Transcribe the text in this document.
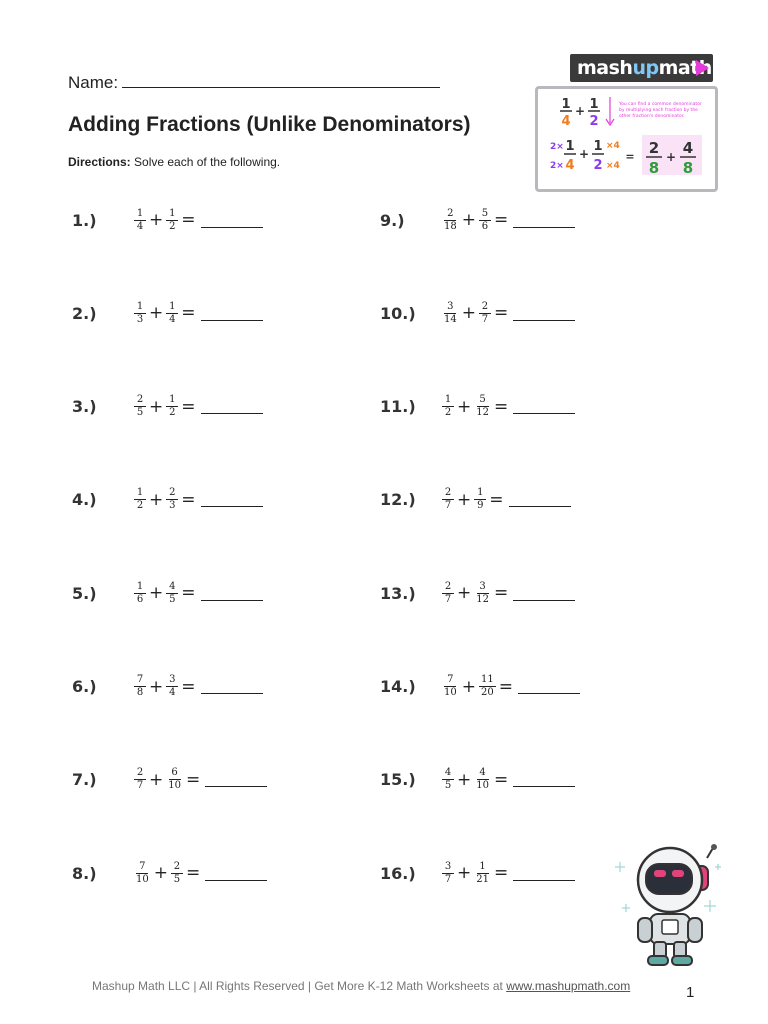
Name:
Adding Fractions (Unlike Denominators)
Directions: Solve each of the following.
mashupmath
1
4
+ 1
2
You can find a common denominator by multiplying each fraction by the other fraction's denominator.
2× 1
2× 4
+ 1 ×4
2 ×4
= 2
8
+ 4
8
1.)	$\frac{1}{4} + \frac{1}{2}$ =
2.)	$\frac{1}{3} + \frac{1}{4}$ =
3.)	$\frac{2}{5} + \frac{1}{2}$ =
4.)	$\frac{1}{2} + \frac{2}{3}$ =
5.)	$\frac{1}{6} + \frac{4}{5}$ =
6.)	$\frac{7}{8} + \frac{3}{4}$ =
7.)	$\frac{2}{7} + \frac{6}{10}$ =
8.)	$\frac{7}{10} + \frac{2}{5}$ =
9.)	$\frac{2}{18} + \frac{5}{6}$ =
10.)	$\frac{3}{14} + \frac{2}{7}$ =
11.)	$\frac{1}{2} + \frac{5}{12}$ =
12.)	$\frac{2}{7} + \frac{1}{9}$ =
13.)	$\frac{2}{7} + \frac{3}{12}$ =
14.)	$\frac{7}{10} + \frac{11}{20}$ =
15.)	$\frac{4}{5} + \frac{4}{10}$ =
16.)	$\frac{3}{7} + \frac{1}{21}$ =
Mashup Math LLC | All Rights Reserved | Get More K-12 Math Worksheets at www.mashupmath.com	1
